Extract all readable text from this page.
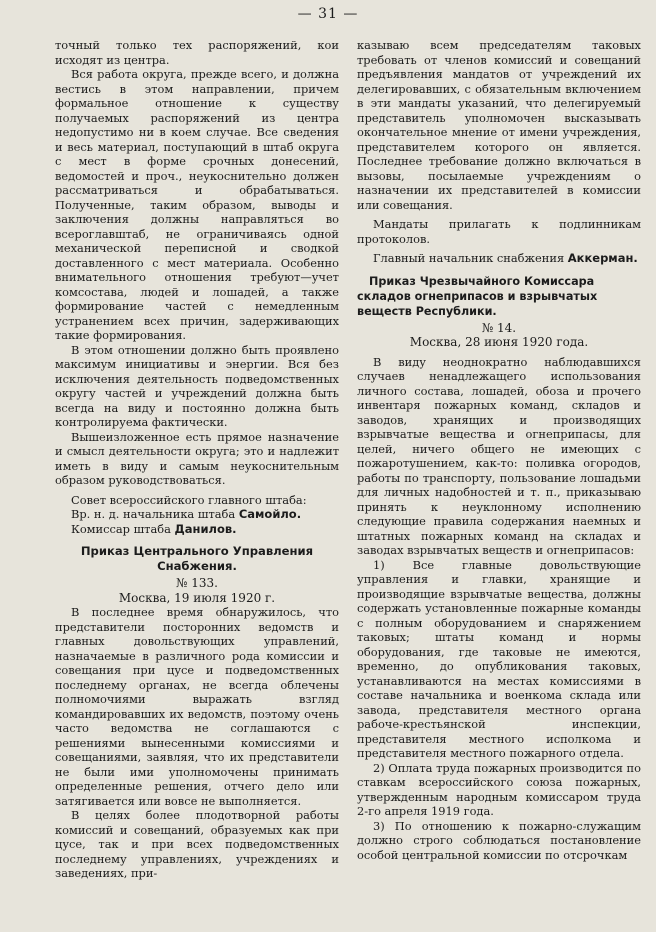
— 31 —

точный только тех распоряжений, кои исходят из центра.

Вся работа округа, прежде всего, и должна вестись в этом направлении, причем формальное отношение к существу получаемых распоряжений из центра недопустимо ни в коем случае. Все сведения и весь материал, поступающий в штаб округа с мест в форме срочных донесений, ведомостей и проч., неукоснительно должен рассматриваться и обрабатываться. Полученные, таким образом, выводы и заключения должны направляться во всероглавштаб, не ограничиваясь одной механической переписной и сводкой доставленного с мест материала. Особенно внимательного отношения требуют—учет комсостава, людей и лошадей, а также формирование частей с немедленным устранением всех причин, задерживающих такие формирования.

В этом отношении должно быть проявлено максимум инициативы и энергии. Вся без исключения деятельность подведомственных округу частей и учреждений должна быть всегда на виду и постоянно должна быть контролируема фактически.

Вышеизложенное есть прямое назначение и смысл деятельности округа; это и надлежит иметь в виду и самым неукоснительным образом руководствоваться.

Совет всероссийского главного штаба:

Вр. н. д. начальника штаба Самойло.

Комиссар штаба Данилов.

Приказ Центрального Управления Снабжения.

№ 133.

Москва, 19 июля 1920 г.

В последнее время обнаружилось, что представители посторонних ведомств и главных довольствующих управлений, назначаемые в различного рода комиссии и совещания при цусе и подведомственных последнему органах, не всегда облечены полномочиями выражать взгляд командировавших их ведомств, поэтому очень часто ведомства не соглашаются с решениями вынесенными комиссиями и совещаниями, заявляя, что их представители не были ими уполномочены принимать определенные решения, отчего дело или затягивается или вовсе не выполняется.

В целях более плодотворной работы комиссий и совещаний, образуемых как при цусе, так и при всех подведомственных последнему управлениях, учреждениях и заведениях, при-

казываю всем председателям таковых требовать от членов комиссий и совещаний предъявления мандатов от учреждений их делегировавших, с обязательным включением в эти мандаты указаний, что делегируемый представитель уполномочен высказывать окончательное мнение от имени учреждения, представителем которого он является. Последнее требование должно включаться в вызовы, посылаемые учреждениям о назначении их представителей в комиссии или совещания.

Мандаты прилагать к подлинникам протоколов.

Главный начальник снабжения Аккерман.

Приказ Чрезвычайного Комиссара складов огнеприпасов и взрывчатых веществ Республики.

№ 14.

Москва, 28 июня 1920 года.

В виду неоднократно наблюдавшихся случаев ненадлежащего использования личного состава, лошадей, обоза и прочего инвентаря пожарных команд, складов и заводов, хранящих и производящих взрывчатые вещества и огнеприпасы, для целей, ничего общего не имеющих с пожаротушением, как-то: поливка огородов, работы по транспорту, пользование лошадьми для личных надобностей и т. п., приказываю принять к неуклонному исполнению следующие правила содержания наемных и штатных пожарных команд на складах и заводах взрывчатых веществ и огнеприпасов:

1) Все главные довольствующие управления и главки, хранящие и производящие взрывчатые вещества, должны содержать установленные пожарные команды с полным оборудованием и снаряжением таковых; штаты команд и нормы оборудования, где таковые не имеются, временно, до опубликования таковых, устанавливаются на местах комиссиями в составе начальника и военкома склада или завода, представителя местного органа рабоче-крестьянской инспекции, представителя местного исполкома и представителя местного пожарного отдела.

2) Оплата труда пожарных производится по ставкам всероссийского союза пожарных, утвержденным народным комиссаром труда 2-го апреля 1919 года.

3) По отношению к пожарно-служащим должно строго соблюдаться постановление особой центральной комиссии по отсрочкам
